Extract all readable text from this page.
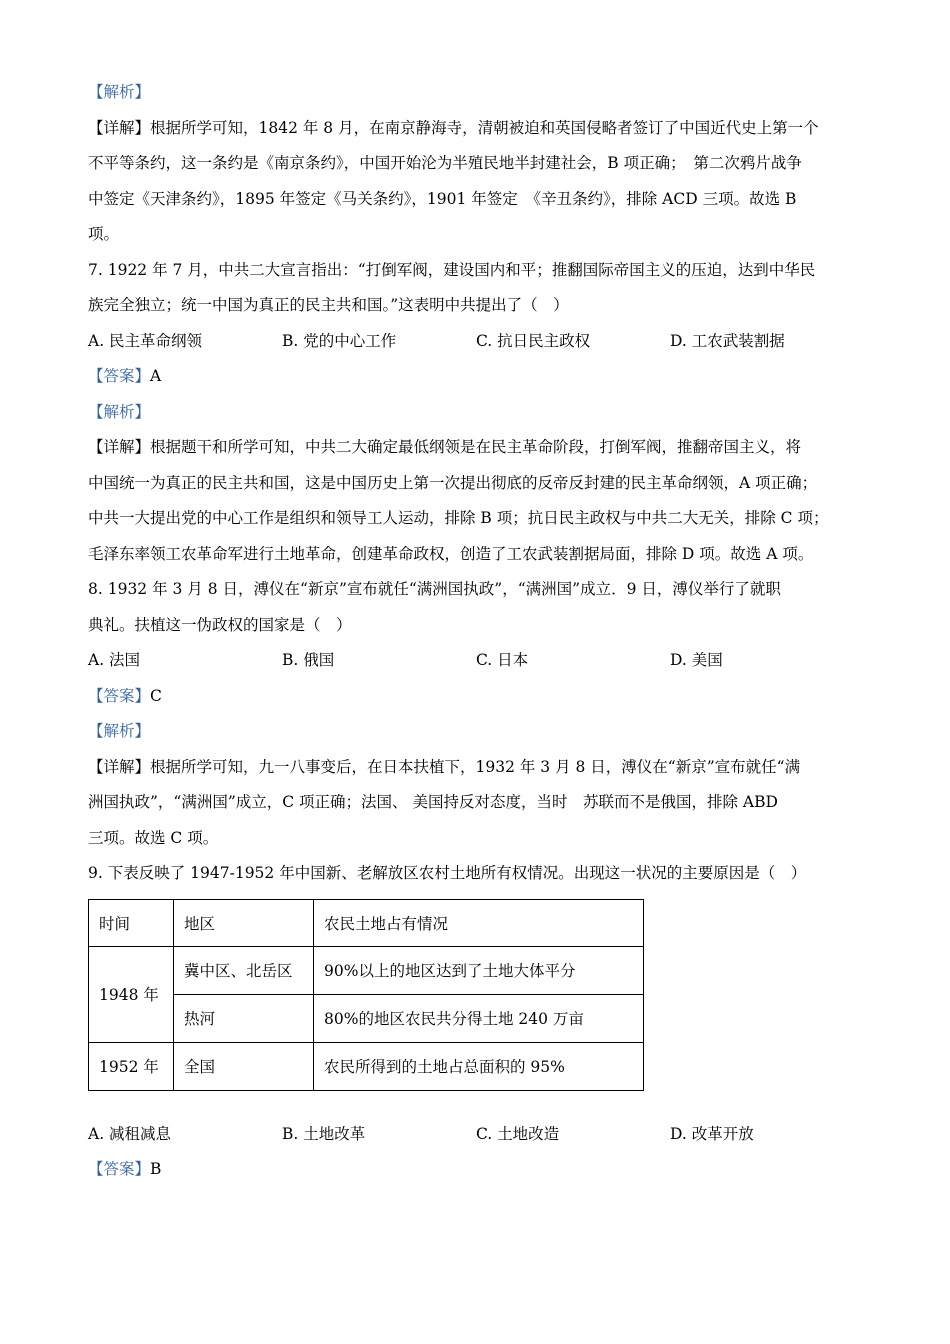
【解析】
【详解】根据所学可知，1842 年 8 月，在南京静海寺，清朝被迫和英国侵略者签订了中国近代史上第一个
不平等条约，这一条约是《南京条约》，中国开始沦为半殖民地半封建社会，B 项正确；　第二次鸦片战争
中签定《天津条约》，1895 年签定《马关条约》，1901 年签定　《辛丑条约》，排除 ACD 三项。故选 B
项。
7. 1922 年 7 月，中共二大宣言指出：“打倒军阀，建设国内和平；推翻国际帝国主义的压迫，达到中华民
族完全独立；统一中国为真正的民主共和国。”这表明中共提出了（　）
A. 民主革命纲领	B. 党的中心工作	C. 抗日民主政权	D. 工农武装割据
【答案】A
【解析】
【详解】根据题干和所学可知，中共二大确定最低纲领是在民主革命阶段，打倒军阀，推翻帝国主义，将
中国统一为真正的民主共和国，这是中国历史上第一次提出彻底的反帝反封建的民主革命纲领，A 项正确；
中共一大提出党的中心工作是组织和领导工人运动，排除 B 项；抗日民主政权与中共二大无关，排除 C 项；
毛泽东率领工农革命军进行土地革命，创建革命政权，创造了工农武装割据局面，排除 D 项。故选 A 项。
8. 1932 年 3 月 8 日，溥仪在“新京”宣布就任“满洲国执政”，“满洲国”成立．9 日，溥仪举行了就职
典礼。扶植这一伪政权的国家是（　）
A. 法国	B. 俄国	C. 日本	D. 美国
【答案】C
【解析】
【详解】根据所学可知，九一八事变后，在日本扶植下，1932 年 3 月 8 日，溥仪在“新京”宣布就任“满
洲国执政”，“满洲国”成立，C 项正确；法国、 美国持反对态度，当时　苏联而不是俄国，排除 ABD
三项。故选 C 项。
9. 下表反映了 1947-1952 年中国新、老解放区农村土地所有权情况。出现这一状况的主要原因是（　）
时间	地区	农民土地占有情况
1948 年	冀中区、北岳区	90%以上的地区达到了土地大体平分
	热河	80%的地区农民共分得土地 240 万亩
1952 年	全国	农民所得到的土地占总面积的 95%
A. 减租减息	B. 土地改革	C. 土地改造	D. 改革开放
【答案】B
